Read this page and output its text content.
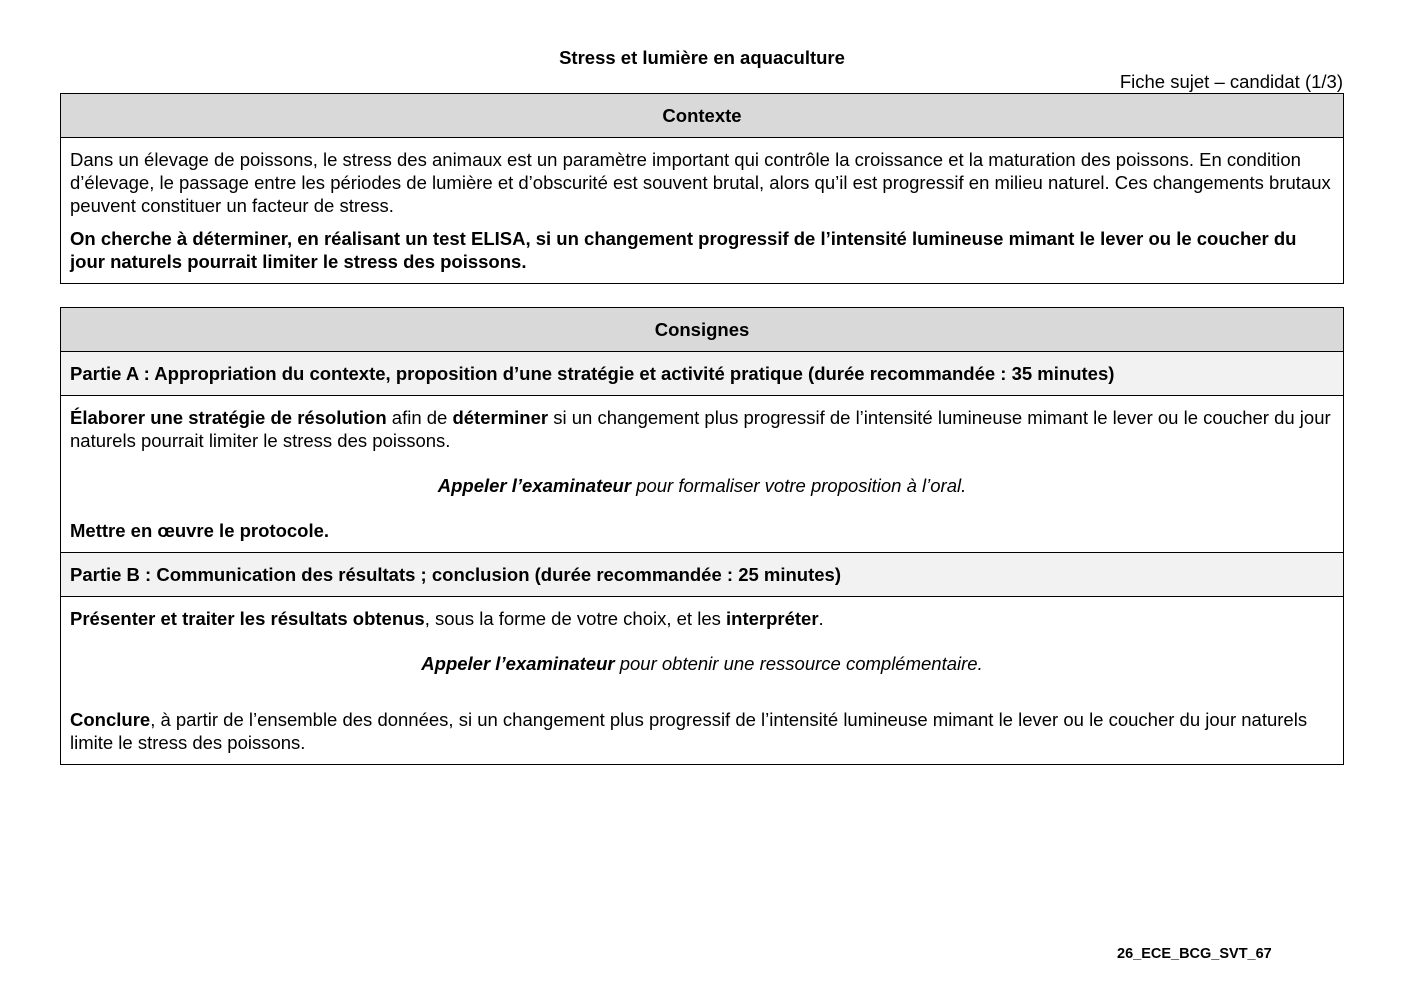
Stress et lumière en aquaculture
Fiche sujet – candidat (1/3)
Contexte

Dans un élevage de poissons, le stress des animaux est un paramètre important qui contrôle la croissance et la maturation des poissons. En condition d’élevage, le passage entre les périodes de lumière et d’obscurité est souvent brutal, alors qu’il est progressif en milieu naturel. Ces changements brutaux peuvent constituer un facteur de stress.

On cherche à déterminer, en réalisant un test ELISA, si un changement progressif de l’intensité lumineuse mimant le lever ou le coucher du jour naturels pourrait limiter le stress des poissons.

Consignes
Partie A : Appropriation du contexte, proposition d’une stratégie et activité pratique (durée recommandée : 35 minutes)

Élaborer une stratégie de résolution afin de déterminer si un changement plus progressif de l’intensité lumineuse mimant le lever ou le coucher du jour naturels pourrait limiter le stress des poissons.

Appeler l’examinateur pour formaliser votre proposition à l’oral.

Mettre en œuvre le protocole.

Partie B : Communication des résultats ; conclusion (durée recommandée : 25 minutes)

Présenter et traiter les résultats obtenus, sous la forme de votre choix, et les interpréter.

Appeler l’examinateur pour obtenir une ressource complémentaire.

Conclure, à partir de l’ensemble des données, si un changement plus progressif de l’intensité lumineuse mimant le lever ou le coucher du jour naturels limite le stress des poissons.

26_ECE_BCG_SVT_67
